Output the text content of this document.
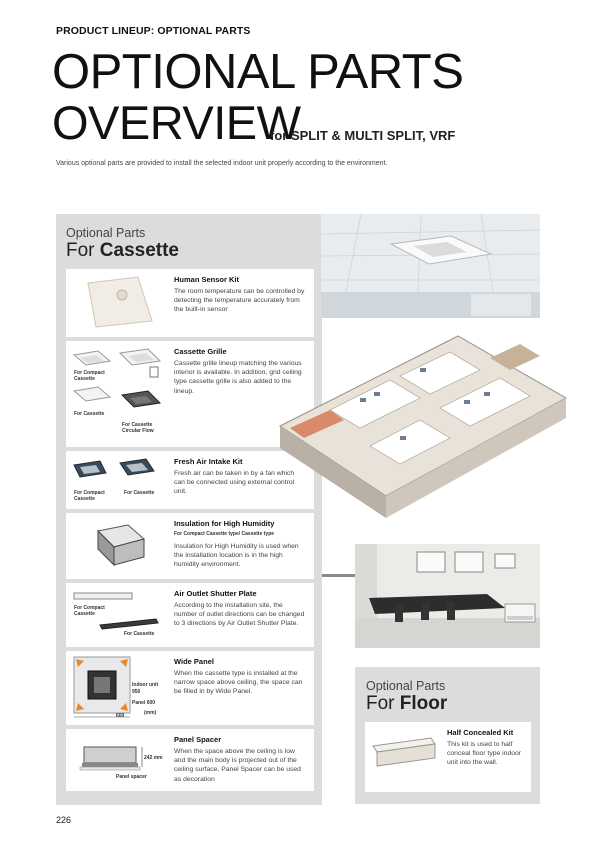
PRODUCT LINEUP: OPTIONAL PARTS
OPTIONAL PARTS
OVERVIEW
for SPLIT & MULTI SPLIT, VRF
Various optional parts are provided to install the selected indoor unit properly according to the environment.
Optional Parts
For Cassette
Human Sensor Kit
The room temperature can be controlled by detecting the temperature accurately from the built-in sensor
For Compact Cassette
For Cassette
For Cassette Circular Flow
Cassette Grille
Cassette grille lineup matching the various interior is available. In addition, grid ceiling type cassette grille is also added to the lineup.
For Compact Cassette
For Cassette
Fresh Air Intake Kit
Fresh air can be taken in by a fan which can be connected using external control unit.
Insulation for High Humidity
For Compact Cassette type/ Cassette type
Insulation for High Humidity is used when the installation location is in the high humidity environment.
For Compact Cassette
For Cassette
Air Outlet Shutter Plate
According to the installation site, the number of outlet directions can be changed to 3 directions by Air Outlet Shutter Plate.
Indoor unit
950
Panel 600
(mm)
600
Wide Panel
When the cassette type is installed at the narrow space above ceiling, the space can be filled in by Wide Panel.
242 mm
Panel spacer
Panel Spacer
When the space above the ceiling is low and the main body is projected out of the ceiling surface, Panel Spacer can be used as decoration
Optional Parts
For Floor
Half Concealed Kit
This kit is used to half conceal floor type indoor unit into the wall.
226
